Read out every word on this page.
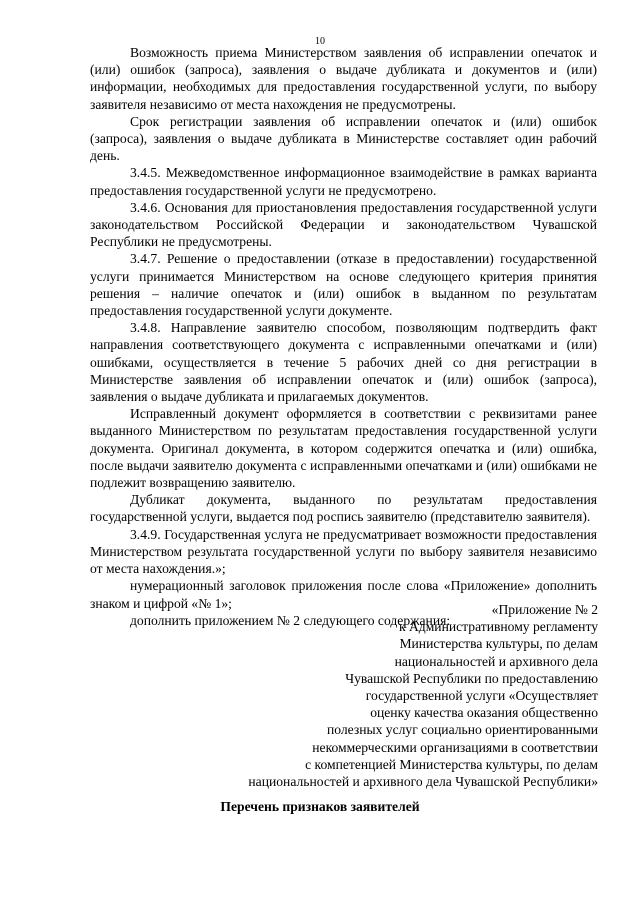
10

Возможность приема Министерством заявления об исправлении опечаток и (или) ошибок (запроса), заявления о выдаче дубликата и документов и (или) информации, необходимых для предоставления государственной услуги, по выбору заявителя независимо от места нахождения не предусмотрены.

Срок регистрации заявления об исправлении опечаток и (или) ошибок (запроса), заявления о выдаче дубликата в Министерстве составляет один рабочий день.

3.4.5. Межведомственное информационное взаимодействие в рамках варианта предоставления государственной услуги не предусмотрено.

3.4.6. Основания для приостановления предоставления государственной услуги законодательством Российской Федерации и законодательством Чувашской Республики не предусмотрены.

3.4.7. Решение о предоставлении (отказе в предоставлении) государственной услуги принимается Министерством на основе следующего критерия принятия решения – наличие опечаток и (или) ошибок в выданном по результатам предоставления государственной услуги документе.

3.4.8. Направление заявителю способом, позволяющим подтвердить факт направления соответствующего документа с исправленными опечатками и (или) ошибками, осуществляется в течение 5 рабочих дней со дня регистрации в Министерстве заявления об исправлении опечаток и (или) ошибок (запроса), заявления о выдаче дубликата и прилагаемых документов.

Исправленный документ оформляется в соответствии с реквизитами ранее выданного Министерством по результатам предоставления государственной услуги документа. Оригинал документа, в котором содержится опечатка и (или) ошибка, после выдачи заявителю документа с исправленными опечатками и (или) ошибками не подлежит возвращению заявителю.

Дубликат документа, выданного по результатам предоставления государственной услуги, выдается под роспись заявителю (представителю заявителя).

3.4.9. Государственная услуга не предусматривает возможности предоставления Министерством результата государственной услуги по выбору заявителя независимо от места нахождения.»;

нумерационный заголовок приложения после слова «Приложение» дополнить знаком и цифрой «№ 1»;

дополнить приложением № 2 следующего содержания:

«Приложение № 2
к Административному регламенту
Министерства культуры, по делам
национальностей и архивного дела
Чувашской Республики по предоставлению
государственной услуги «Осуществляет
оценку качества оказания общественно
полезных услуг социально ориентированными
некоммерческими организациями в соответствии
с компетенцией Министерства культуры, по делам
национальностей и архивного дела Чувашской Республики»
Перечень признаков заявителей
